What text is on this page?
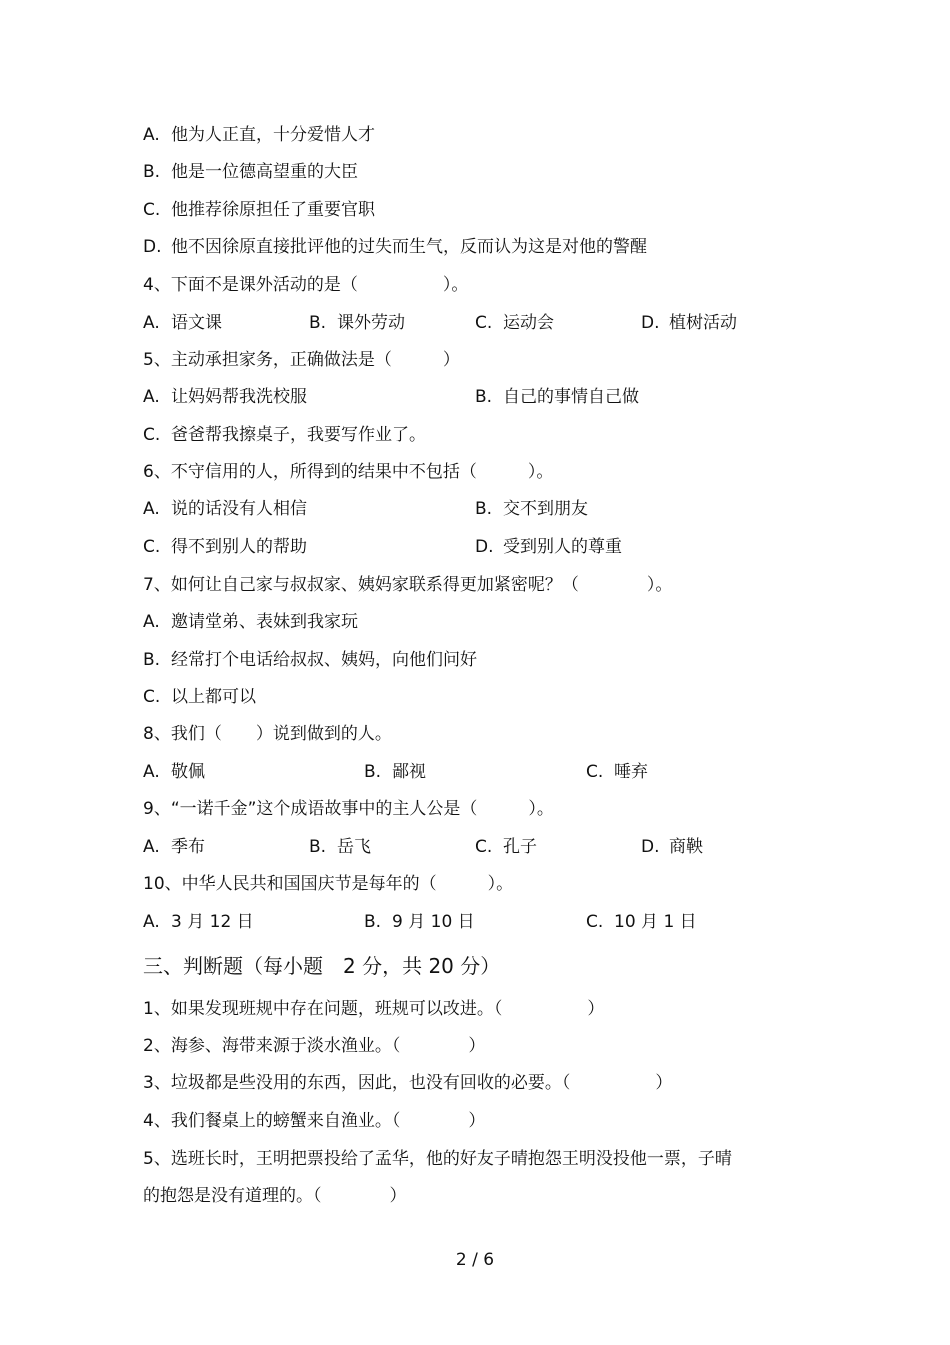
A. 他为人正直，十分爱惜人才
B. 他是一位德高望重的大臣
C. 他推荐徐原担任了重要官职
D. 他不因徐原直接批评他的过失而生气，反而认为这是对他的警醒
4、下面不是课外活动的是（　　　　　）。
A. 语文课	B. 课外劳动	C. 运动会	D. 植树活动
5、主动承担家务，正确做法是（　　　）
A. 让妈妈帮我洗校服	B. 自己的事情自己做
C. 爸爸帮我擦桌子，我要写作业了。
6、不守信用的人，所得到的结果中不包括（　　　）。
A. 说的话没有人相信	B. 交不到朋友
C. 得不到别人的帮助	D. 受到别人的尊重
7、如何让自己家与叔叔家、姨妈家联系得更加紧密呢？（　　　　）。
A. 邀请堂弟、表妹到我家玩
B. 经常打个电话给叔叔、姨妈，向他们问好
C. 以上都可以
8、我们（　　）说到做到的人。
A. 敬佩	B. 鄙视	C. 唾弃
9、“一诺千金”这个成语故事中的主人公是（　　　）。
A. 季布	B. 岳飞	C. 孔子	D. 商鞅
10、中华人民共和国国庆节是每年的（　　　）。
A. 3 月 12 日	B. 9 月 10 日	C. 10 月 1 日
三、判断题（每小题　2 分，共 20 分）
1、如果发现班规中存在问题，班规可以改进。（　　　　　）
2、海参、海带来源于淡水渔业。（　　　　）
3、垃圾都是些没用的东西，因此，也没有回收的必要。（　　　　　）
4、我们餐桌上的螃蟹来自渔业。（　　　　）
5、选班长时，王明把票投给了孟华，他的好友子晴抱怨王明没投他一票，子晴
的抱怨是没有道理的。（　　　　）
2 / 6
